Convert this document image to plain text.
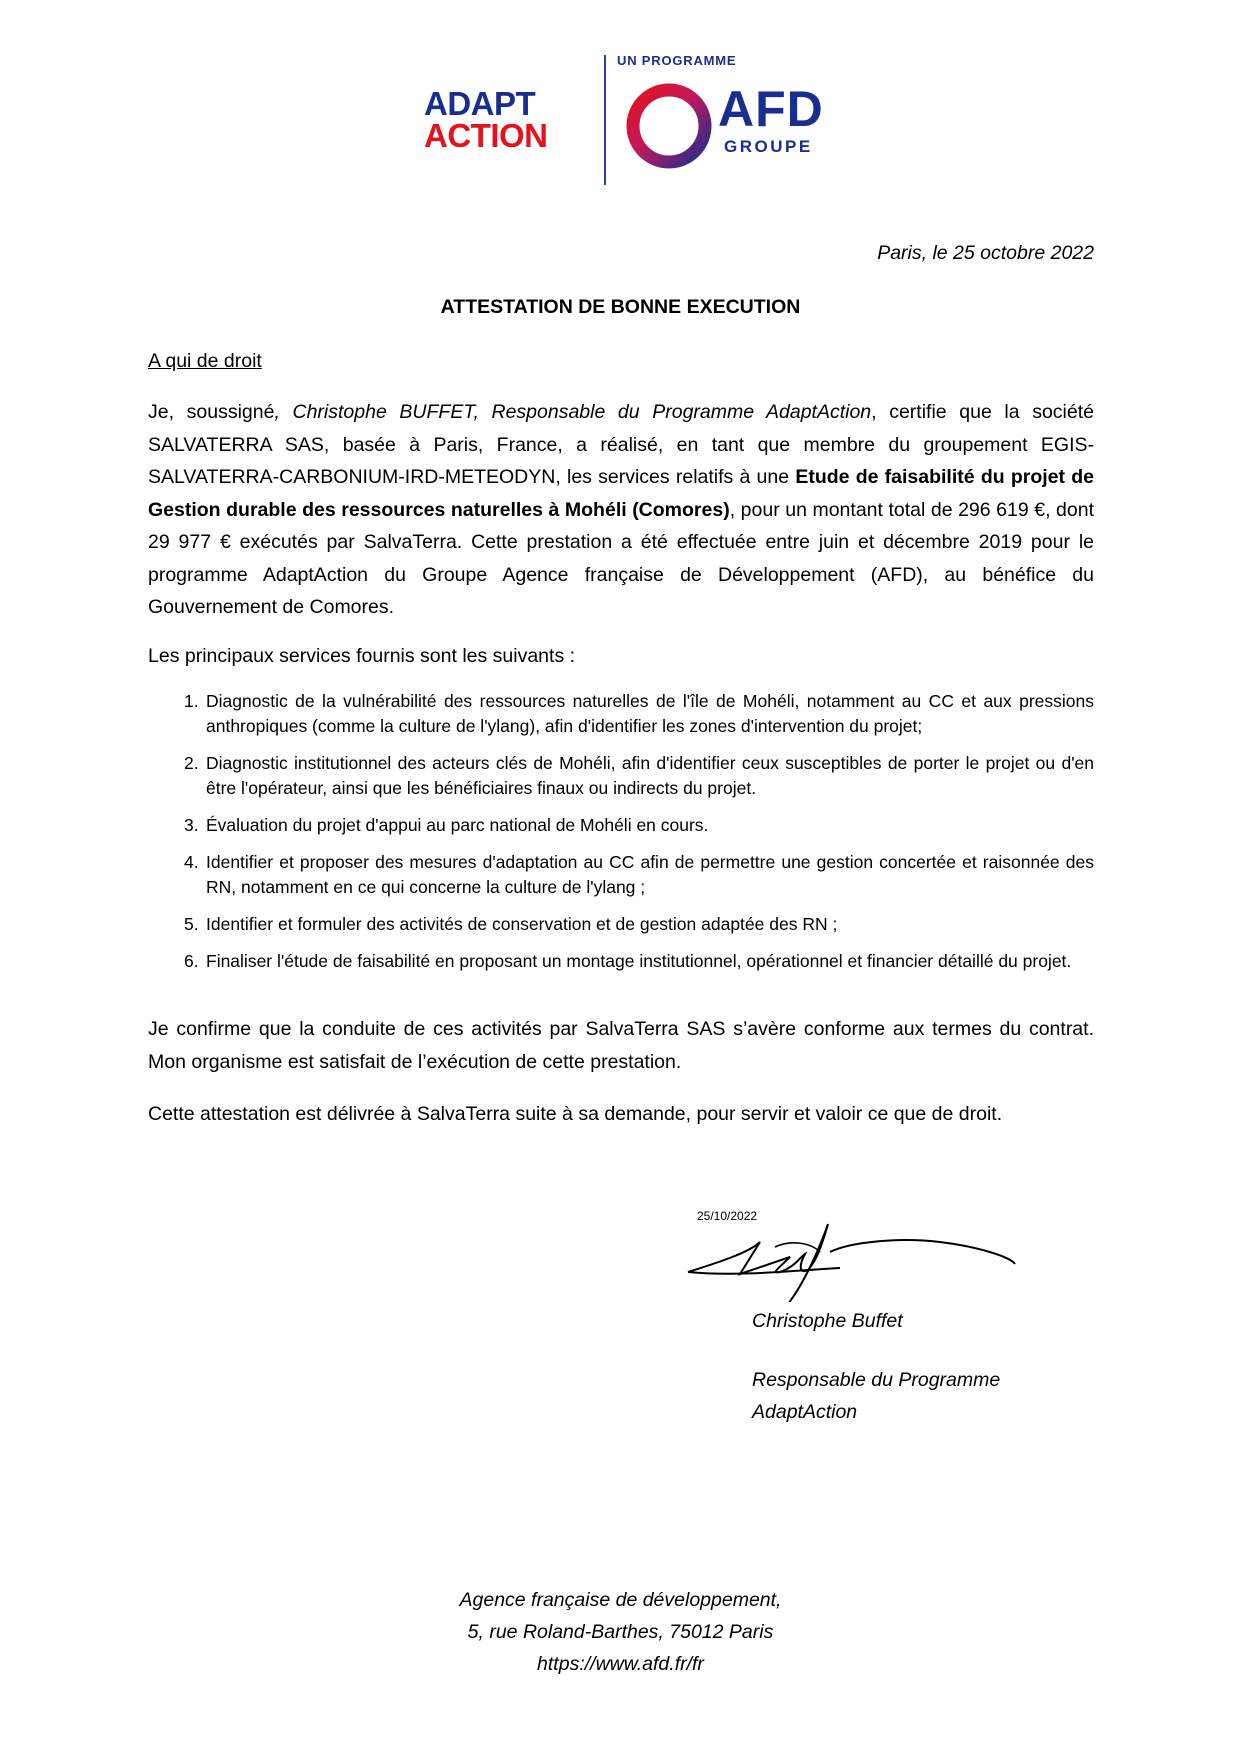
ADAPT
ACTION
UN PROGRAMME
AFD
GROUPE
Paris, le 25 octobre 2022
ATTESTATION DE BONNE EXECUTION
A qui de droit
Je, soussigné, Christophe BUFFET, Responsable du Programme AdaptAction, certifie que la société SALVATERRA SAS, basée à Paris, France, a réalisé, en tant que membre du groupement EGIS-SALVATERRA-CARBONIUM-IRD-METEODYN, les services relatifs à une Etude de faisabilité du projet de Gestion durable des ressources naturelles à Mohéli (Comores), pour un montant total de 296 619 €, dont 29 977 € exécutés par SalvaTerra. Cette prestation a été effectuée entre juin et décembre 2019 pour le programme AdaptAction du Groupe Agence française de Développement (AFD), au bénéfice du Gouvernement de Comores.
Les principaux services fournis sont les suivants :
1. Diagnostic de la vulnérabilité des ressources naturelles de l'île de Mohéli, notamment au CC et aux pressions anthropiques (comme la culture de l'ylang), afin d'identifier les zones d'intervention du projet;
2. Diagnostic institutionnel des acteurs clés de Mohéli, afin d'identifier ceux susceptibles de porter le projet ou d'en être l'opérateur, ainsi que les bénéficiaires finaux ou indirects du projet.
3. Évaluation du projet d'appui au parc national de Mohéli en cours.
4. Identifier et proposer des mesures d'adaptation au CC afin de permettre une gestion concertée et raisonnée des RN, notamment en ce qui concerne la culture de l'ylang ;
5. Identifier et formuler des activités de conservation et de gestion adaptée des RN ;
6. Finaliser l'étude de faisabilité en proposant un montage institutionnel, opérationnel et financier détaillé du projet.
Je confirme que la conduite de ces activités par SalvaTerra SAS s’avère conforme aux termes du contrat. Mon organisme est satisfait de l’exécution de cette prestation.
Cette attestation est délivrée à SalvaTerra suite à sa demande, pour servir et valoir ce que de droit.
25/10/2022
Christophe Buffet
Responsable du Programme
AdaptAction
Agence française de développement,
5, rue Roland-Barthes, 75012 Paris
https://www.afd.fr/fr
